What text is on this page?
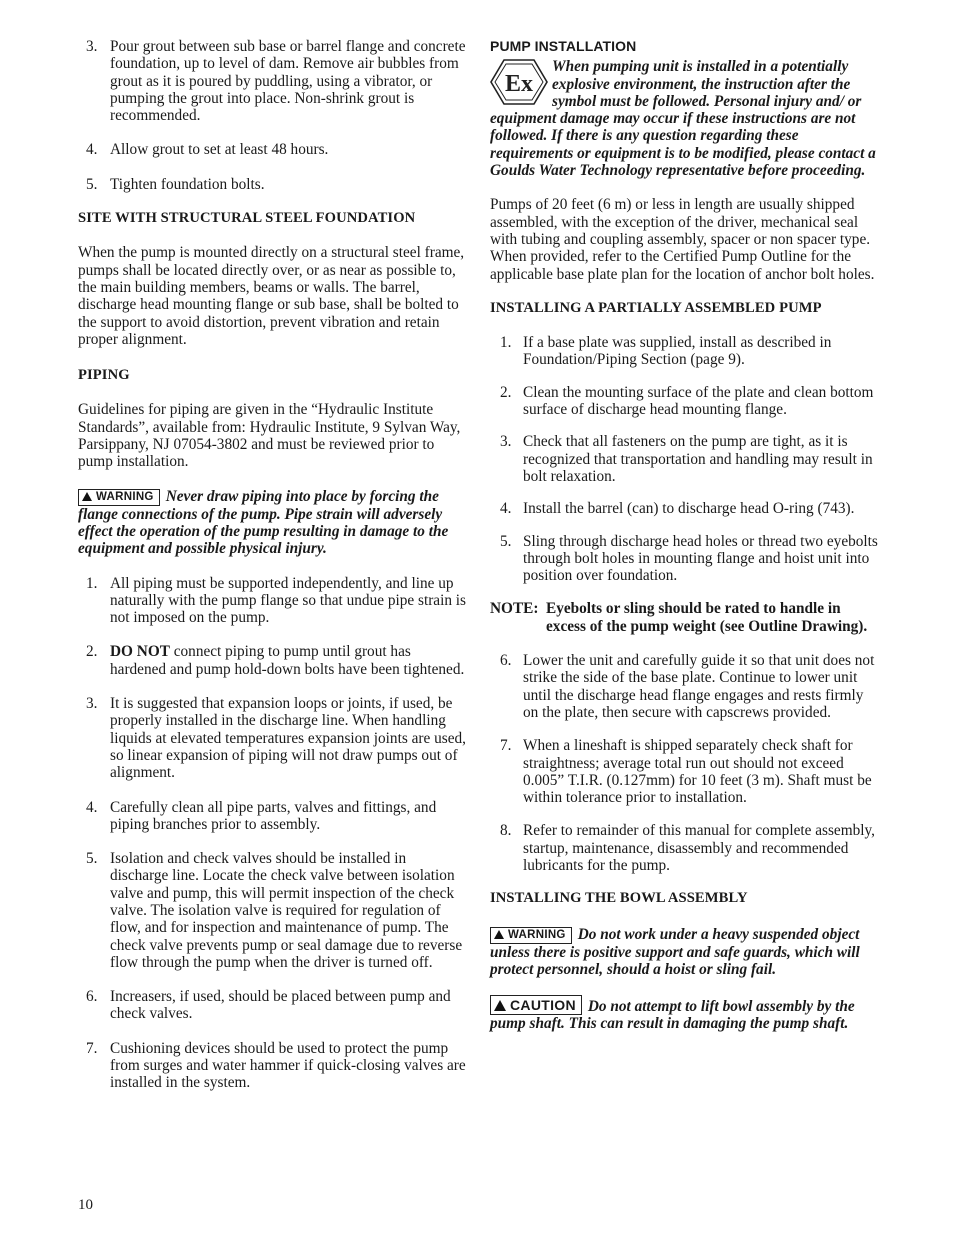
3. Pour grout between sub base or barrel flange and concrete foundation, up to level of dam. Remove air bubbles from grout as it is poured by puddling, using a vibrator, or pumping the grout into place. Non-shrink grout is recommended.
4. Allow grout to set at least 48 hours.
5. Tighten foundation bolts.

SITE WITH STRUCTURAL STEEL FOUNDATION

When the pump is mounted directly on a structural steel frame, pumps shall be located directly over, or as near as possible to, the main building members, beams or walls. The barrel, discharge head mounting flange or sub base, shall be bolted to the support to avoid distortion, prevent vibration and retain proper alignment.

PIPING

Guidelines for piping are given in the “Hydraulic Institute Standards”, available from: Hydraulic Institute, 9 Sylvan Way, Parsippany, NJ 07054-3802 and must be reviewed prior to pump installation.

WARNING Never draw piping into place by forcing the flange connections of the pump. Pipe strain will adversely effect the operation of the pump resulting in damage to the equipment and possible physical injury.

1. All piping must be supported independently, and line up naturally with the pump flange so that undue pipe strain is not imposed on the pump.
2. DO NOT connect piping to pump until grout has hardened and pump hold-down bolts have been tightened.
3. It is suggested that expansion loops or joints, if used, be properly installed in the discharge line. When handling liquids at elevated temperatures expansion joints are used, so linear expansion of piping will not draw pumps out of alignment.
4. Carefully clean all pipe parts, valves and fittings, and piping branches prior to assembly.
5. Isolation and check valves should be installed in discharge line. Locate the check valve between isolation valve and pump, this will permit inspection of the check valve. The isolation valve is required for regulation of flow, and for inspection and maintenance of pump. The check valve prevents pump or seal damage due to reverse flow through the pump when the driver is turned off.
6. Increasers, if used, should be placed between pump and check valves.
7. Cushioning devices should be used to protect the pump from surges and water hammer if quick-closing valves are installed in the system.

PUMP INSTALLATION

Ex
When pumping unit is installed in a potentially explosive environment, the instruction after the symbol must be followed. Personal injury and/ or equipment damage may occur if these instructions are not followed. If there is any question regarding these requirements or equipment is to be modified, please contact a Goulds Water Technology representative before proceeding.

Pumps of 20 feet (6 m) or less in length are usually shipped assembled, with the exception of the driver, mechanical seal with tubing and coupling assembly, spacer or non spacer type. When provided, refer to the Certified Pump Outline for the applicable base plate plan for the location of anchor bolt holes.

INSTALLING A PARTIALLY ASSEMBLED PUMP

1. If a base plate was supplied, install as described in Foundation/Piping Section (page 9).
2. Clean the mounting surface of the plate and clean bottom surface of discharge head mounting flange.
3. Check that all fasteners on the pump are tight, as it is recognized that transportation and handling may result in bolt relaxation.
4. Install the barrel (can) to discharge head O-ring (743).
5. Sling through discharge head holes or thread two eyebolts through bolt holes in mounting flange and hoist unit into position over foundation.

NOTE: Eyebolts or sling should be rated to handle in excess of the pump weight (see Outline Drawing).

6. Lower the unit and carefully guide it so that unit does not strike the side of the base plate. Continue to lower unit until the discharge head flange engages and rests firmly on the plate, then secure with capscrews provided.
7. When a lineshaft is shipped separately check shaft for straightness; average total run out should not exceed 0.005” T.I.R. (0.127mm) for 10 feet (3 m). Shaft must be within tolerance prior to installation.
8. Refer to remainder of this manual for complete assembly, startup, maintenance, disassembly and recommended lubricants for the pump.

INSTALLING THE BOWL ASSEMBLY

WARNING Do not work under a heavy suspended object unless there is positive support and safe guards, which will protect personnel, should a hoist or sling fail.

CAUTION Do not attempt to lift bowl assembly by the pump shaft. This can result in damaging the pump shaft.

10
